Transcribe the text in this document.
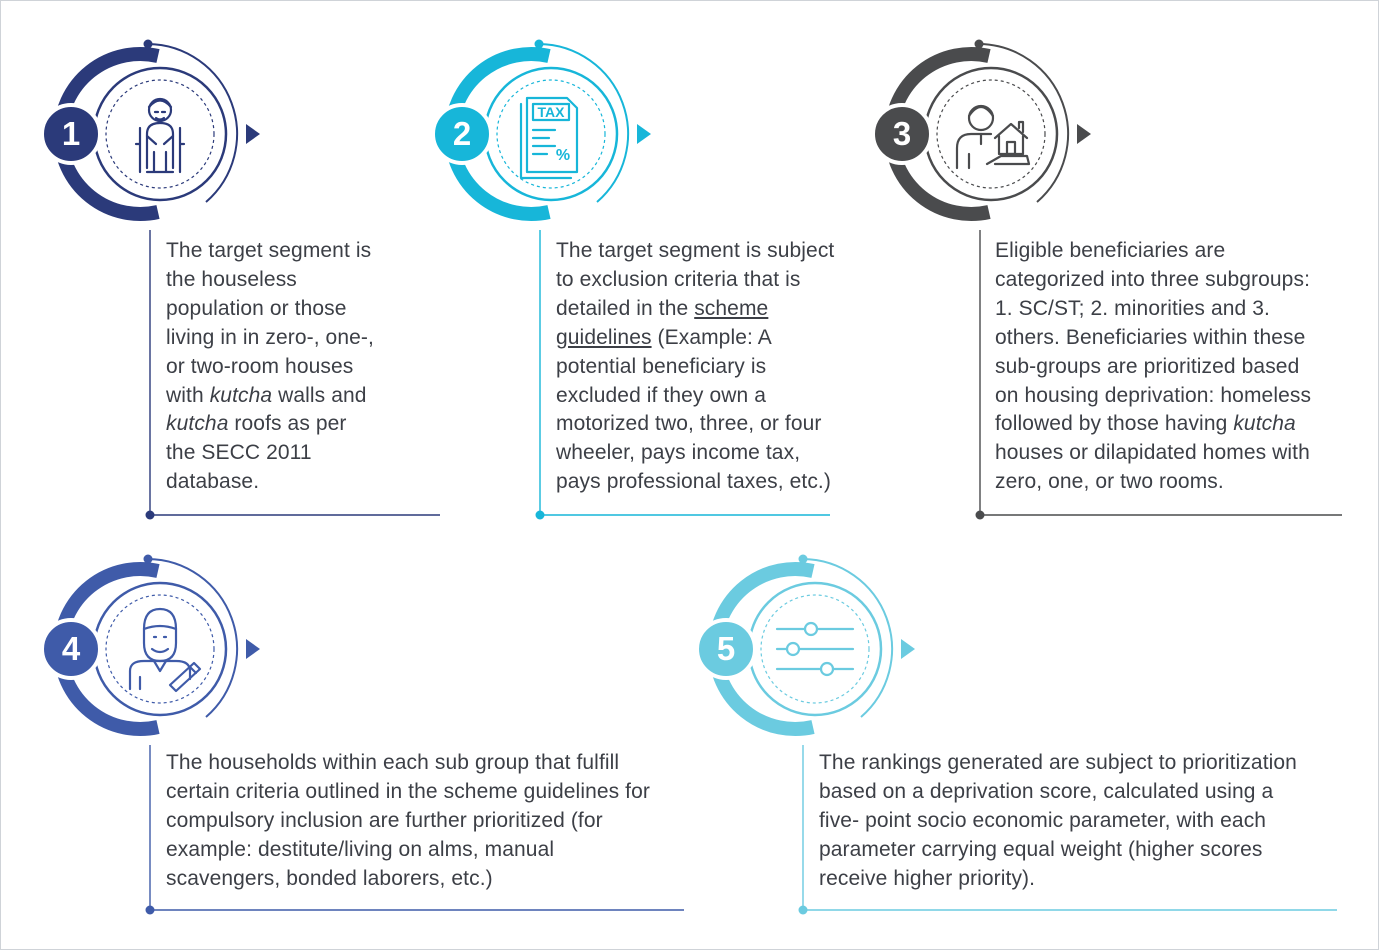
1
The target segment is
the houseless
population or those
living in in zero-, one-,
or two-room houses
with kutcha walls and
kutcha roofs as per
the SECC 2011
database.
TAX
%
2
The target segment is subject
to exclusion criteria that is
detailed in the scheme
guidelines (Example: A
potential beneficiary is
excluded if they own a
motorized two, three, or four
wheeler, pays income tax,
pays professional taxes, etc.)
3
Eligible beneficiaries are
categorized into three subgroups:
1. SC/ST; 2. minorities and 3.
others. Beneficiaries within these
sub-groups are prioritized based
on housing deprivation: homeless
followed by those having kutcha
houses or dilapidated homes with
zero, one, or two rooms.
4
The households within each sub group that fulfill
certain criteria outlined in the scheme guidelines for
compulsory inclusion are further prioritized (for
example: destitute/living on alms, manual
scavengers, bonded laborers, etc.)
5
The rankings generated are subject to prioritization
based on a deprivation score, calculated using a
five- point socio economic parameter, with each
parameter carrying equal weight (higher scores
receive higher priority).
